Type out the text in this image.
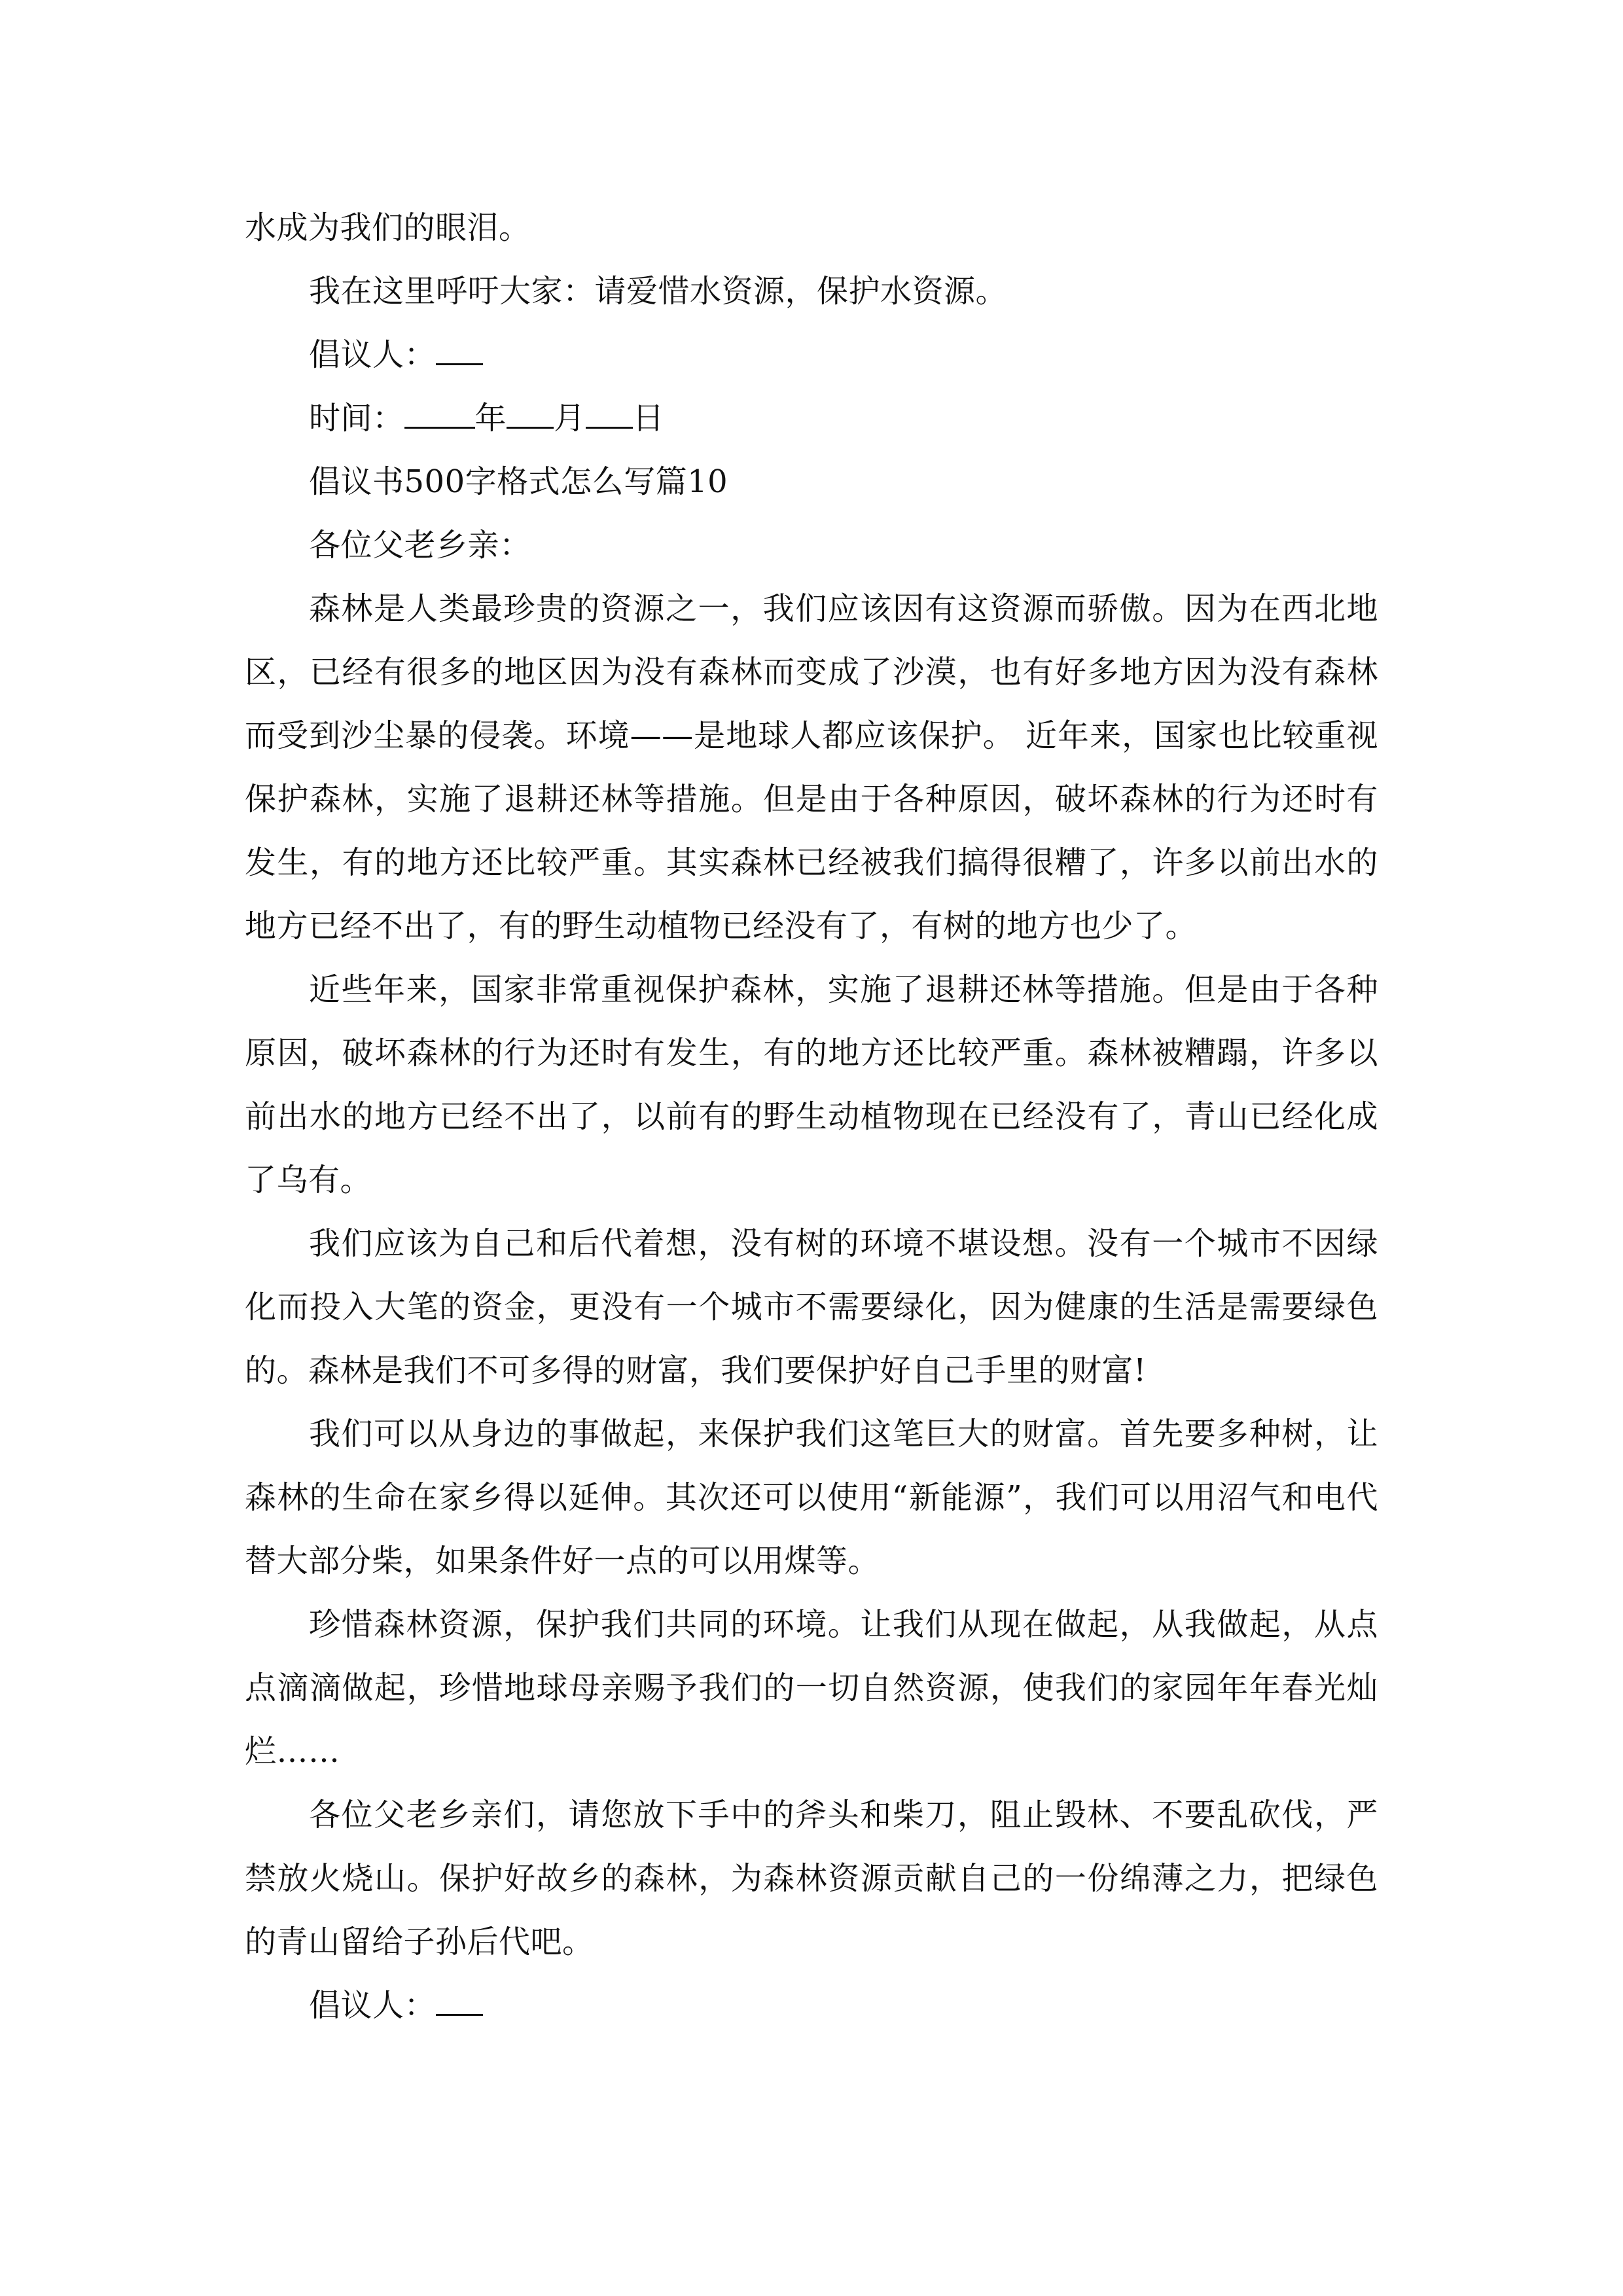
水成为我们的眼泪。

我在这里呼吁大家：请爱惜水资源，保护水资源。

倡议人：

时间： 年 月 日

倡议书500字格式怎么写篇10

各位父老乡亲：

森林是人类最珍贵的资源之一，我们应该因有这资源而骄傲。因为在西北地区，已经有很多的地区因为没有森林而变成了沙漠，也有好多地方因为没有森林而受到沙尘暴的侵袭。环境——是地球人都应该保护。 近年来，国家也比较重视保护森林，实施了退耕还林等措施。但是由于各种原因，破坏森林的行为还时有发生，有的地方还比较严重。其实森林已经被我们搞得很糟了，许多以前出水的地方已经不出了，有的野生动植物已经没有了，有树的地方也少了。

近些年来，国家非常重视保护森林，实施了退耕还林等措施。但是由于各种原因，破坏森林的行为还时有发生，有的地方还比较严重。森林被糟蹋，许多以前出水的地方已经不出了，以前有的野生动植物现在已经没有了，青山已经化成了乌有。

我们应该为自己和后代着想，没有树的环境不堪设想。没有一个城市不因绿化而投入大笔的资金，更没有一个城市不需要绿化，因为健康的生活是需要绿色的。森林是我们不可多得的财富，我们要保护好自己手里的财富!

我们可以从身边的事做起，来保护我们这笔巨大的财富。首先要多种树，让森林的生命在家乡得以延伸。其次还可以使用“新能源”，我们可以用沼气和电代替大部分柴，如果条件好一点的可以用煤等。

珍惜森林资源，保护我们共同的环境。让我们从现在做起，从我做起，从点点滴滴做起，珍惜地球母亲赐予我们的一切自然资源，使我们的家园年年春光灿烂……

各位父老乡亲们，请您放下手中的斧头和柴刀，阻止毁林、不要乱砍伐，严禁放火烧山。保护好故乡的森林，为森林资源贡献自己的一份绵薄之力，把绿色的青山留给子孙后代吧。

倡议人：
